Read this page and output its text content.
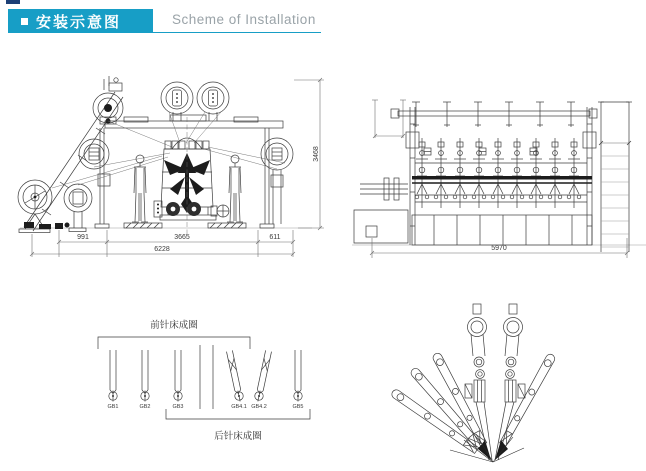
安装示意图	Scheme of Installation
991	3665	611
6228
3468
5970
前针床成圈
GB1	GB2	GB3	GB4.1 GB4.2	GB5
后针床成圈
